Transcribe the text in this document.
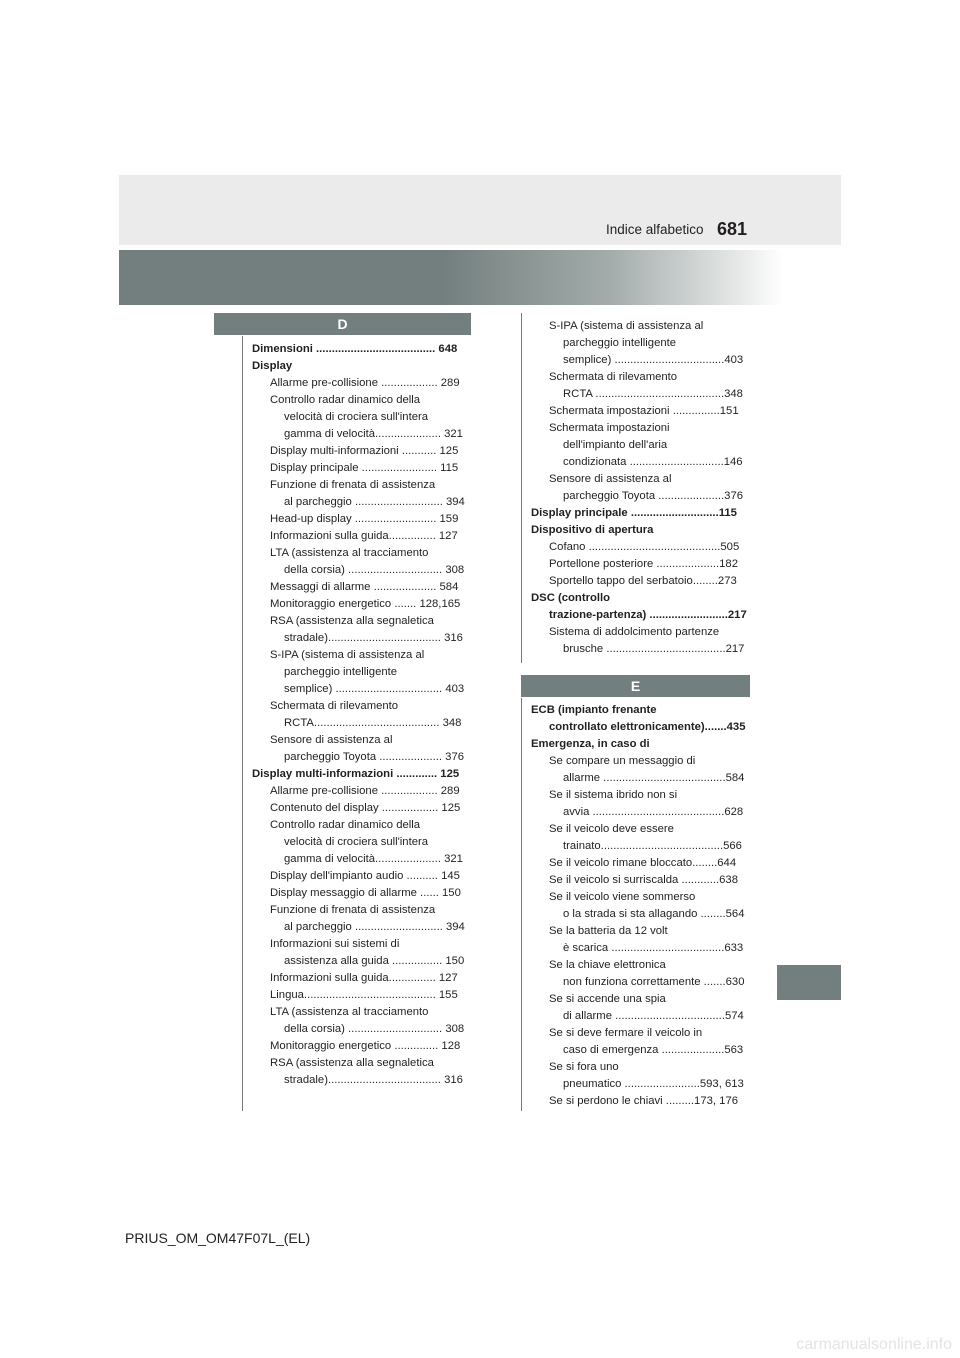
Indice alfabetico 681
D
E
Dimensioni ...................................... 648
Display
Allarme pre-collisione .................. 289
Controllo radar dinamico della
velocità di crociera sull'intera
gamma di velocità..................... 321
Display multi-informazioni ........... 125
Display principale ........................ 115
Funzione di frenata di assistenza
al parcheggio ............................ 394
Head-up display .......................... 159
Informazioni sulla guida............... 127
LTA (assistenza al tracciamento
della corsia) .............................. 308
Messaggi di allarme .................... 584
Monitoraggio energetico ....... 128,165
RSA (assistenza alla segnaletica
stradale).................................... 316
S-IPA (sistema di assistenza al
parcheggio intelligente
semplice) .................................. 403
Schermata di rilevamento
RCTA........................................ 348
Sensore di assistenza al
parcheggio Toyota .................... 376
Display multi-informazioni ............. 125
Allarme pre-collisione .................. 289
Contenuto del display .................. 125
Controllo radar dinamico della
velocità di crociera sull'intera
gamma di velocità..................... 321
Display dell'impianto audio .......... 145
Display messaggio di allarme ...... 150
Funzione di frenata di assistenza
al parcheggio ............................ 394
Informazioni sui sistemi di
assistenza alla guida ................ 150
Informazioni sulla guida............... 127
Lingua.......................................... 155
LTA (assistenza al tracciamento
della corsia) .............................. 308
Monitoraggio energetico .............. 128
RSA (assistenza alla segnaletica
stradale).................................... 316
S-IPA (sistema di assistenza al
parcheggio intelligente
semplice) ...................................403
Schermata di rilevamento
RCTA .........................................348
Schermata impostazioni ...............151
Schermata impostazioni
dell'impianto dell'aria
condizionata ..............................146
Sensore di assistenza al
parcheggio Toyota .....................376
Display principale ............................115
Dispositivo di apertura
Cofano ..........................................505
Portellone posteriore ....................182
Sportello tappo del serbatoio........273
DSC (controllo
trazione-partenza) .........................217
Sistema di addolcimento partenze
brusche ......................................217
ECB (impianto frenante
controllato elettronicamente).......435
Emergenza, in caso di
Se compare un messaggio di
allarme .......................................584
Se il sistema ibrido non si
avvia ..........................................628
Se il veicolo deve essere
trainato.......................................566
Se il veicolo rimane bloccato........644
Se il veicolo si surriscalda ............638
Se il veicolo viene sommerso
o la strada si sta allagando ........564
Se la batteria da 12 volt
è scarica ....................................633
Se la chiave elettronica
non funziona correttamente .......630
Se si accende una spia
di allarme ...................................574
Se si deve fermare il veicolo in
caso di emergenza ....................563
Se si fora uno
pneumatico ........................593, 613
Se si perdono le chiavi .........173, 176
PRIUS_OM_OM47F07L_(EL)
carmanualsonline.info
